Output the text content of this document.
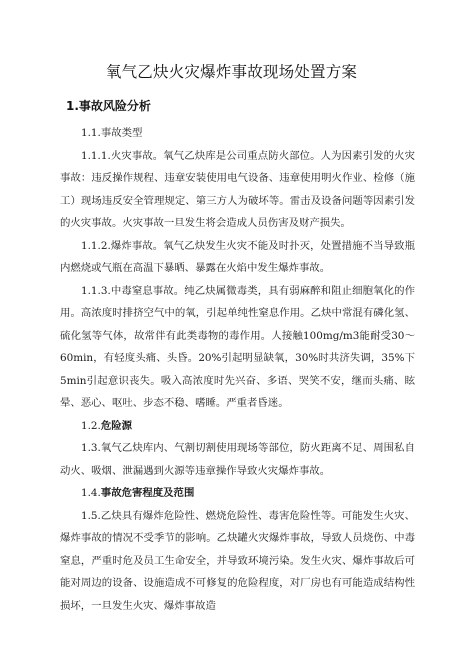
氧气乙炔火灾爆炸事故现场处置方案
1.事故风险分析

1.1.事故类型

1.1.1.火灾事故。氧气乙炔库是公司重点防火部位。人为因素引发的火灾事故：违反操作规程、违章安装使用电气设备、违章使用明火作业、检修（施工）现场违反安全管理规定、第三方人为破坏等。雷击及设备问题等因素引发的火灾事故。火灾事故一旦发生将会造成人员伤害及财产损失。

1.1.2.爆炸事故。氧气乙炔发生火灾不能及时扑灭，处置措施不当导致瓶内燃烧或气瓶在高温下暴晒、暴露在火焰中发生爆炸事故。

1.1.3.中毒窒息事故。纯乙炔属微毒类，具有弱麻醉和阻止细胞氧化的作用。高浓度时排挤空气中的氧，引起单纯性窒息作用。乙炔中常混有磷化氢、硫化氢等气体，故常伴有此类毒物的毒作用。人接触100mg/m3能耐受30～60min，有轻度头痛、头昏。20%引起明显缺氧，30%时共济失调，35%下5min引起意识丧失。吸入高浓度时先兴奋、多语、哭笑不安，继而头痛、眩晕、恶心、呕吐、步态不稳、嗜睡。严重者昏迷。

1.2.危险源

1.3.氧气乙炔库内、气割切割使用现场等部位，防火距离不足、周围私自动火、吸烟、泄漏遇到火源等违章操作导致火灾爆炸事故。

1.4.事故危害程度及范围

1.5.乙炔具有爆炸危险性、燃烧危险性、毒害危险性等。可能发生火灾、爆炸事故的情况不受季节的影响。乙炔罐火灾爆炸事故，导致人员烧伤、中毒窒息，严重时危及员工生命安全，并导致环境污染。发生火灾、爆炸事故后可能对周边的设备、设施造成不可修复的危险程度，对厂房也有可能造成结构性损坏，一旦发生火灾、爆炸事故造
